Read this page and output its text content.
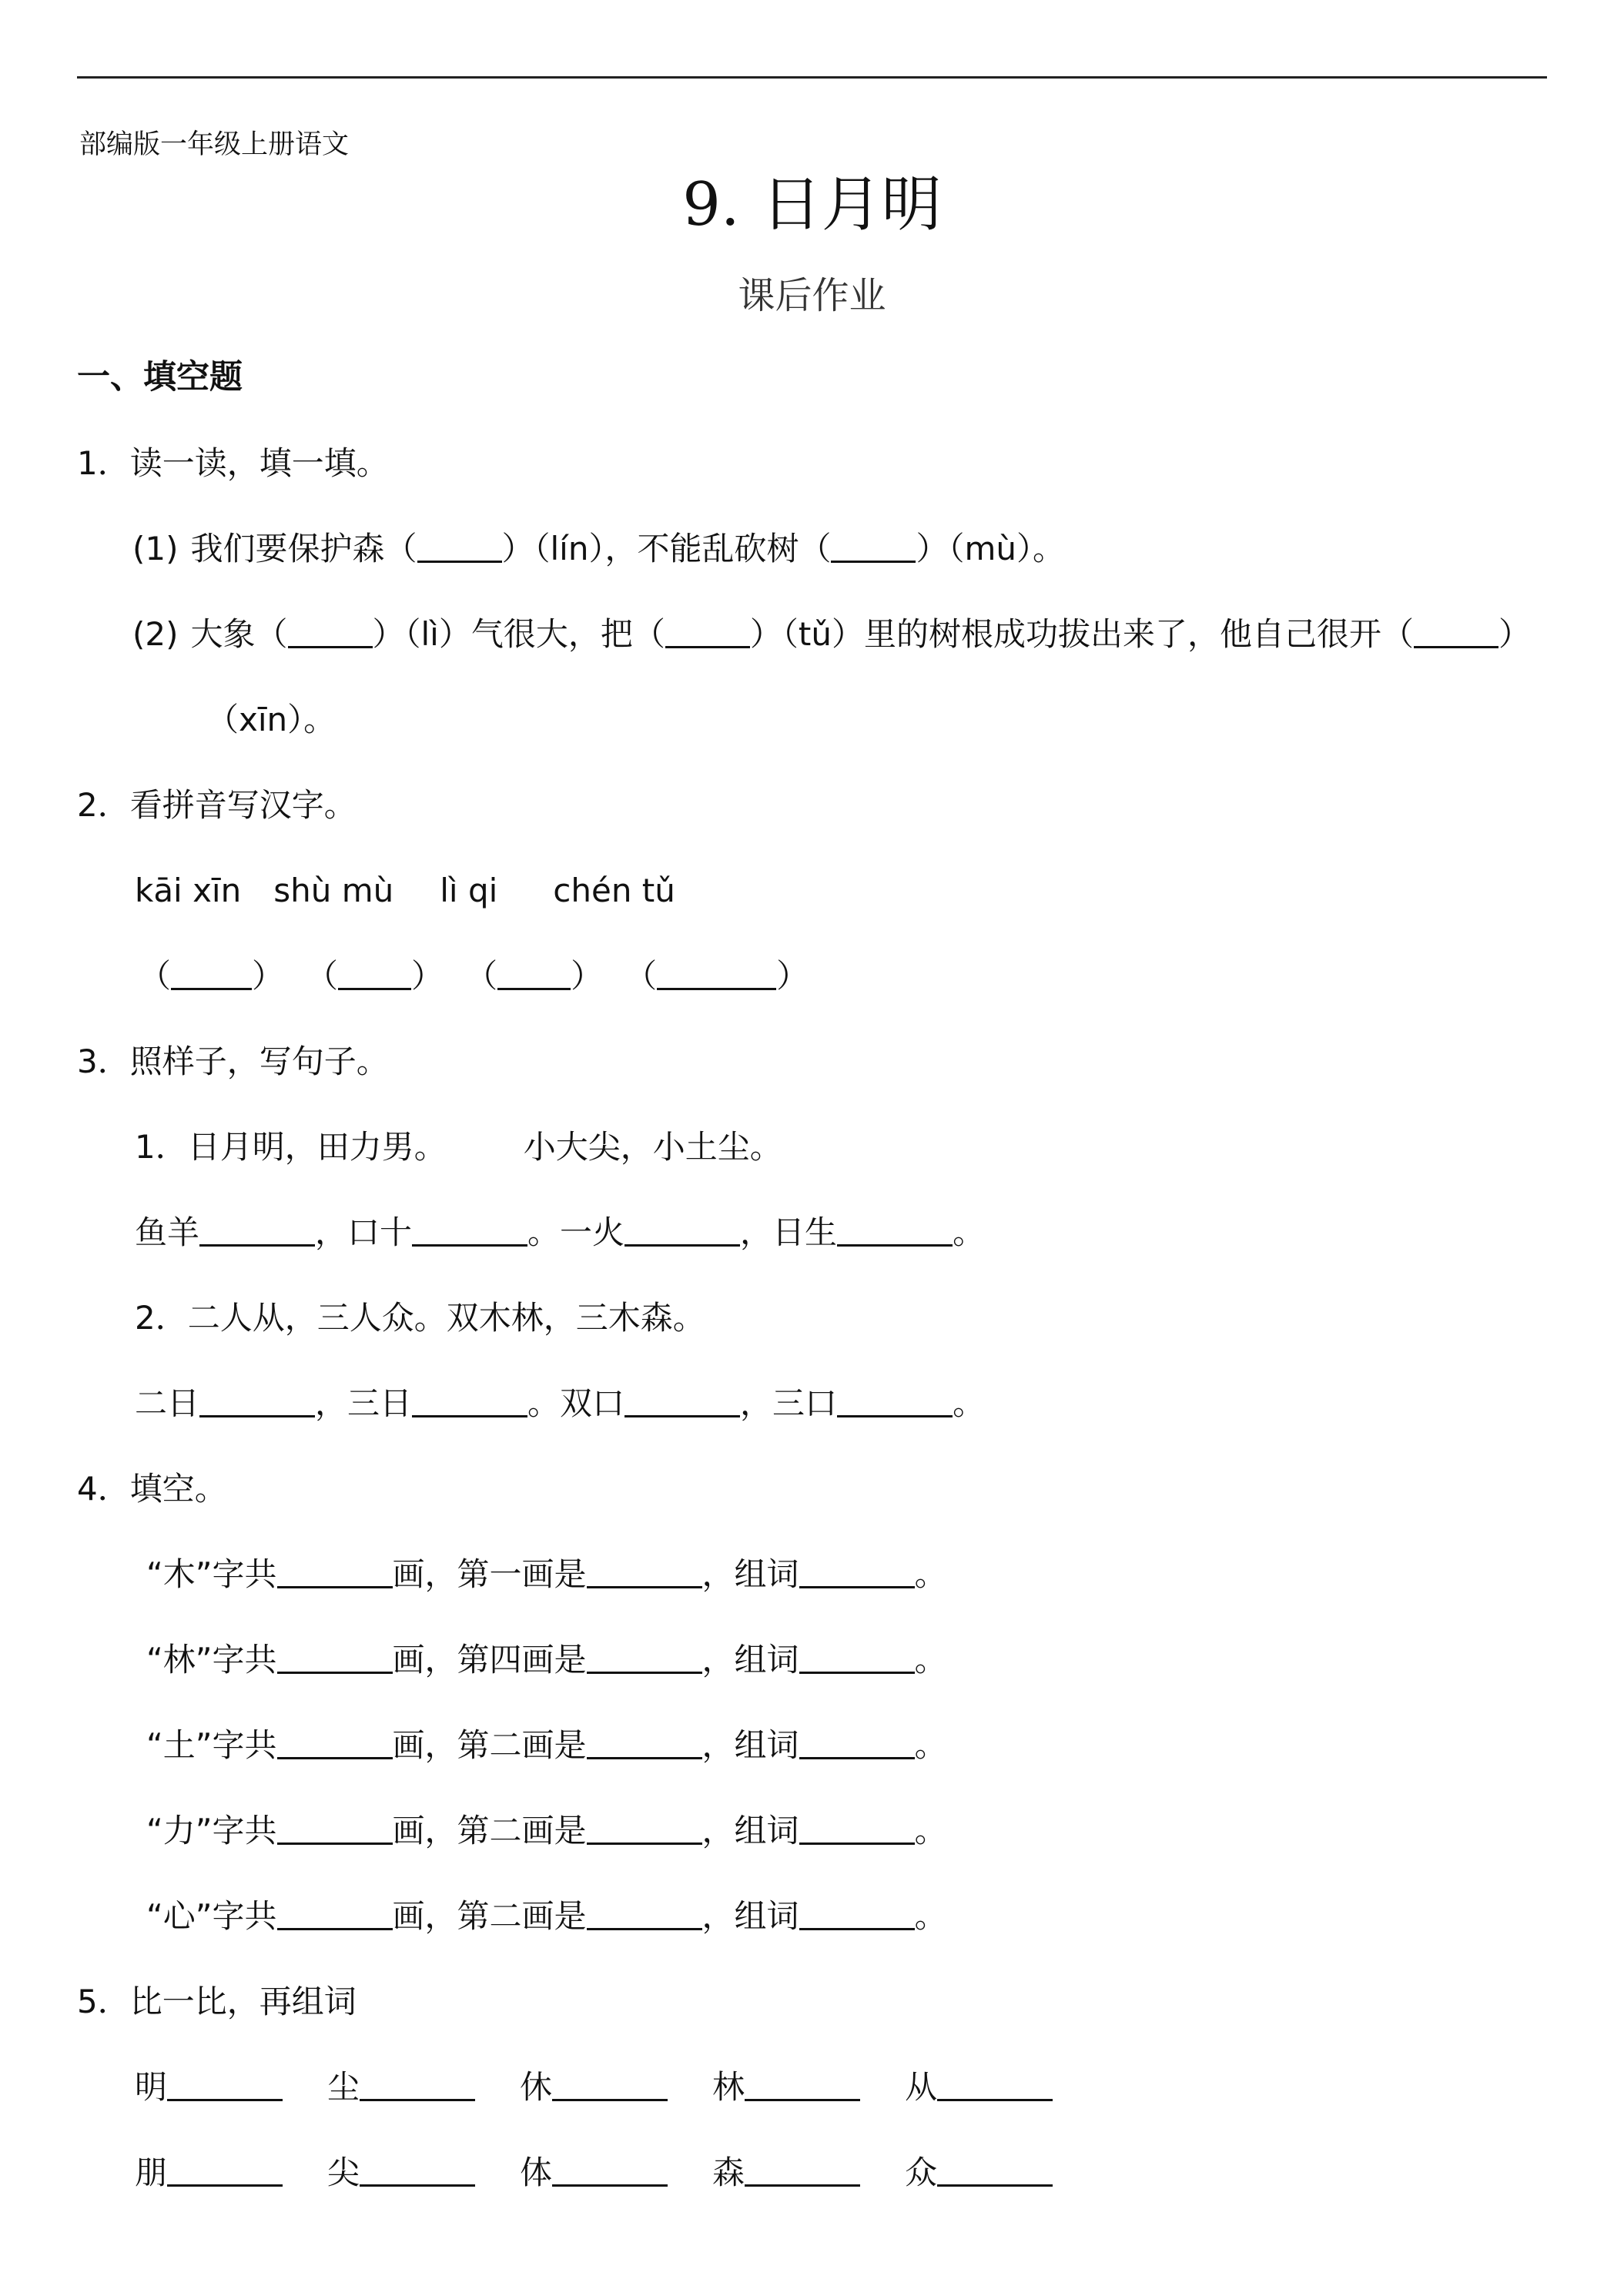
部编版一年级上册语文
9. 日月明
课后作业
一、填空题
1．读一读，填一填。
(1) 我们要保护森（	）（lín），不能乱砍树（	）（mù）。
(2) 大象（	）（lì）气很大，把（	）（tǔ）里的树根成功拔出来了，他自己很开（	）
（xīn）。
2．看拼音写汉字。
kāi xīn shù mù lì qi chén tǔ
（	） （ ） （ ） （	）
3．照样子，写句子。
1．日月明，田力男。 小大尖，小土尘。
鱼羊	，口十	。一火	，日生	。
2．二人从，三人众。双木林，三木森。
二日	，三日	。双口	，三口	。
4．填空。
“木”字共	画，第一画是	，组词	。
“林”字共	画，第四画是	，组词	。
“土”字共	画，第二画是	，组词	。
“力”字共	画，第二画是	，组词	。
“心”字共	画，第二画是	，组词	。
5．比一比，再组词
明	尘	休	林	从
朋	尖	体	森	众
